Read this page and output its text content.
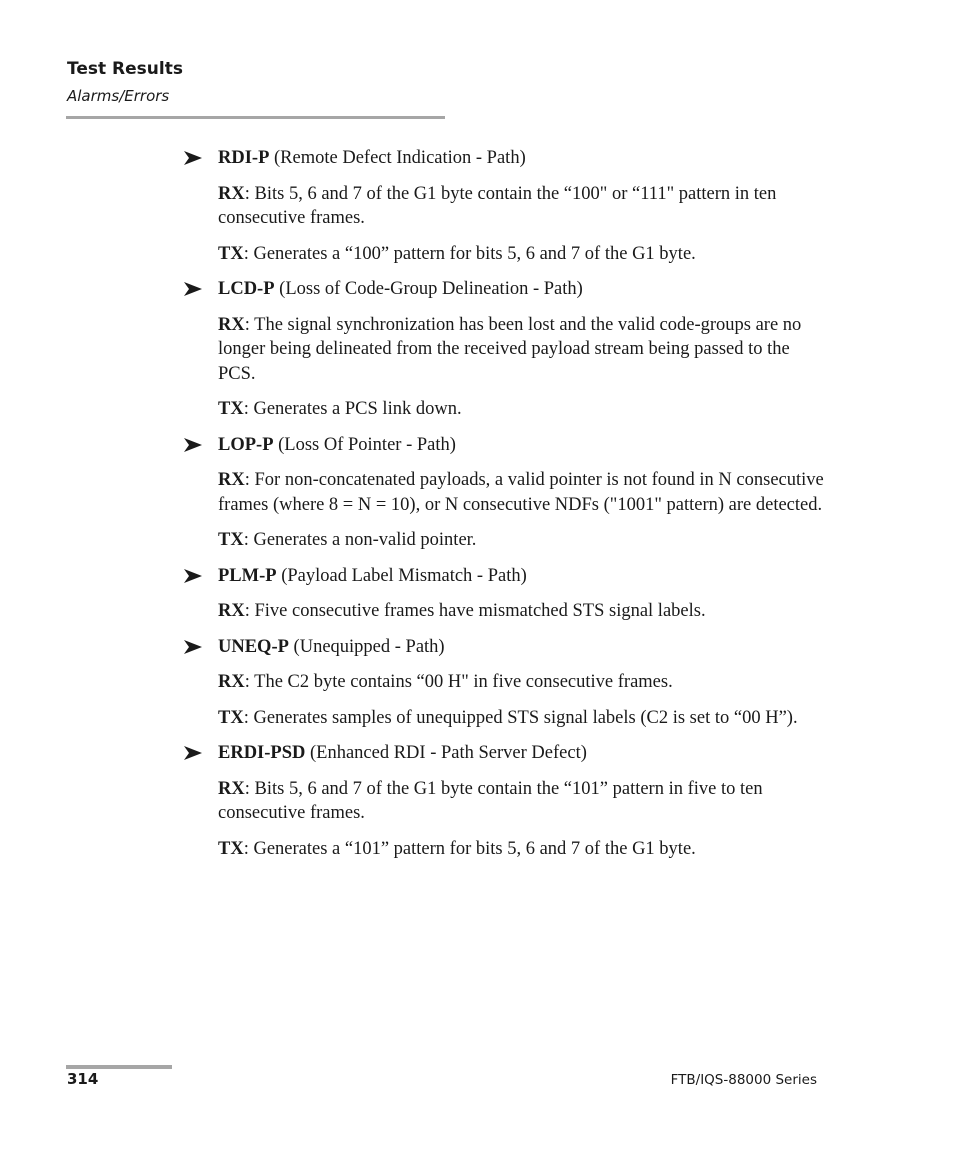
Test Results
Alarms/Errors
RDI-P (Remote Defect Indication - Path)
RX: Bits 5, 6 and 7 of the G1 byte contain the “100" or “111" pattern in ten consecutive frames.
TX: Generates a “100” pattern for bits 5, 6 and 7 of the G1 byte.
LCD-P (Loss of Code-Group Delineation - Path)
RX: The signal synchronization has been lost and the valid code-groups are no longer being delineated from the received payload stream being passed to the PCS.
TX: Generates a PCS link down.
LOP-P (Loss Of Pointer - Path)
RX: For non-concatenated payloads, a valid pointer is not found in N consecutive frames (where 8 = N = 10), or N consecutive NDFs ("1001" pattern) are detected.
TX: Generates a non-valid pointer.
PLM-P (Payload Label Mismatch - Path)
RX: Five consecutive frames have mismatched STS signal labels.
UNEQ-P (Unequipped - Path)
RX: The C2 byte contains “00 H" in five consecutive frames.
TX: Generates samples of unequipped STS signal labels (C2 is set to “00 H”).
ERDI-PSD (Enhanced RDI - Path Server Defect)
RX: Bits 5, 6 and 7 of the G1 byte contain the “101” pattern in five to ten consecutive frames.
TX: Generates a “101” pattern for bits 5, 6 and 7 of the G1 byte.
314	FTB/IQS-88000 Series
